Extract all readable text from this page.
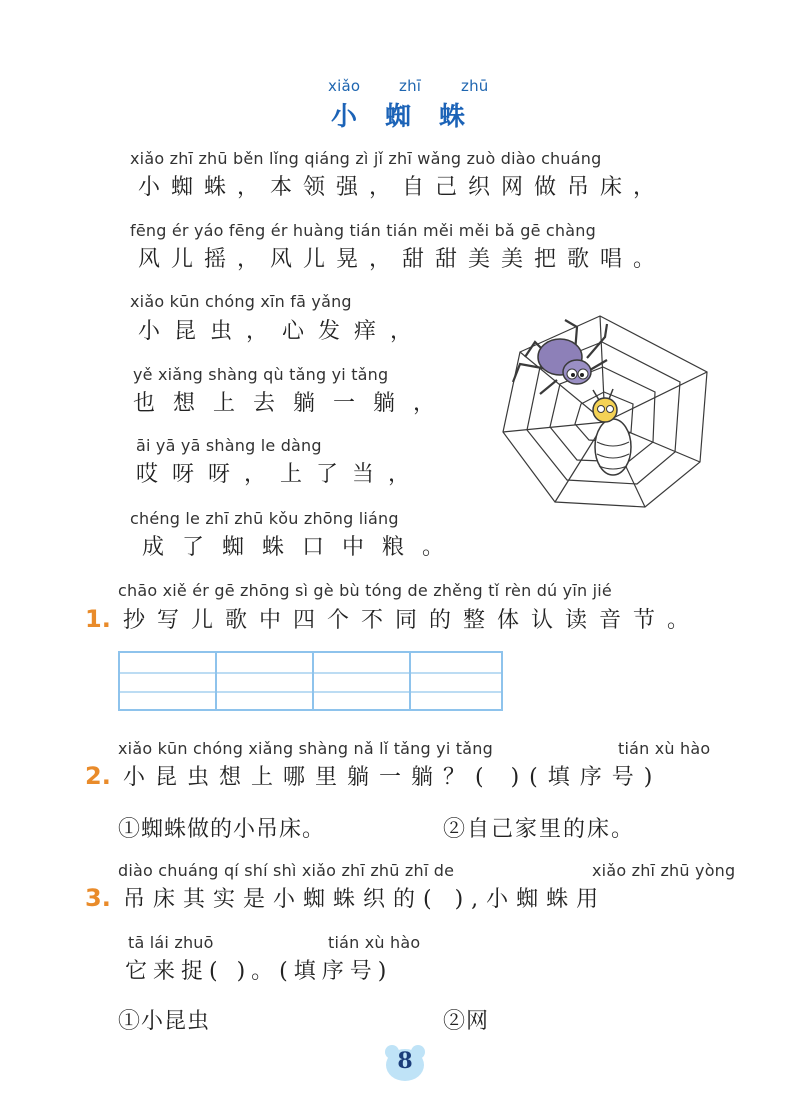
xiǎo	zhī	zhū
小蜘蛛
xiǎo zhī zhū běn lǐng qiáng zì jǐ zhī wǎng zuò diào chuáng
小蜘蛛，本领强，自己织网做吊床，
fēng ér yáo fēng ér huàng tián tián měi měi bǎ gē chàng
风儿摇，风儿晃，甜甜美美把歌唱。
xiǎo kūn chóng xīn fā yǎng
小昆虫，心发痒，
yě xiǎng shàng qù tǎng yi tǎng
也想上去躺一躺，
āi yā yā shàng le dàng
哎呀呀，上了当，
chéng le zhī zhū kǒu zhōng liáng
成了蜘蛛口中粮。
chāo xiě ér gē zhōng sì gè bù tóng de zhěng tǐ rèn dú yīn jié
1. 抄写儿歌中四个不同的整体认读音节。
xiǎo kūn chóng xiǎng shàng nǎ lǐ tǎng yi tǎng	tián xù hào
2. 小昆虫想上哪里躺一躺？( )(填序号)
①蜘蛛做的小吊床。	②自己家里的床。
diào chuáng qí shí shì xiǎo zhī zhū zhī de	xiǎo zhī zhū yòng
3. 吊床其实是小蜘蛛织的( ),小蜘蛛用
tā lái zhuō	tián xù hào
它来捉( )。(填序号)
①小昆虫	②网
8
